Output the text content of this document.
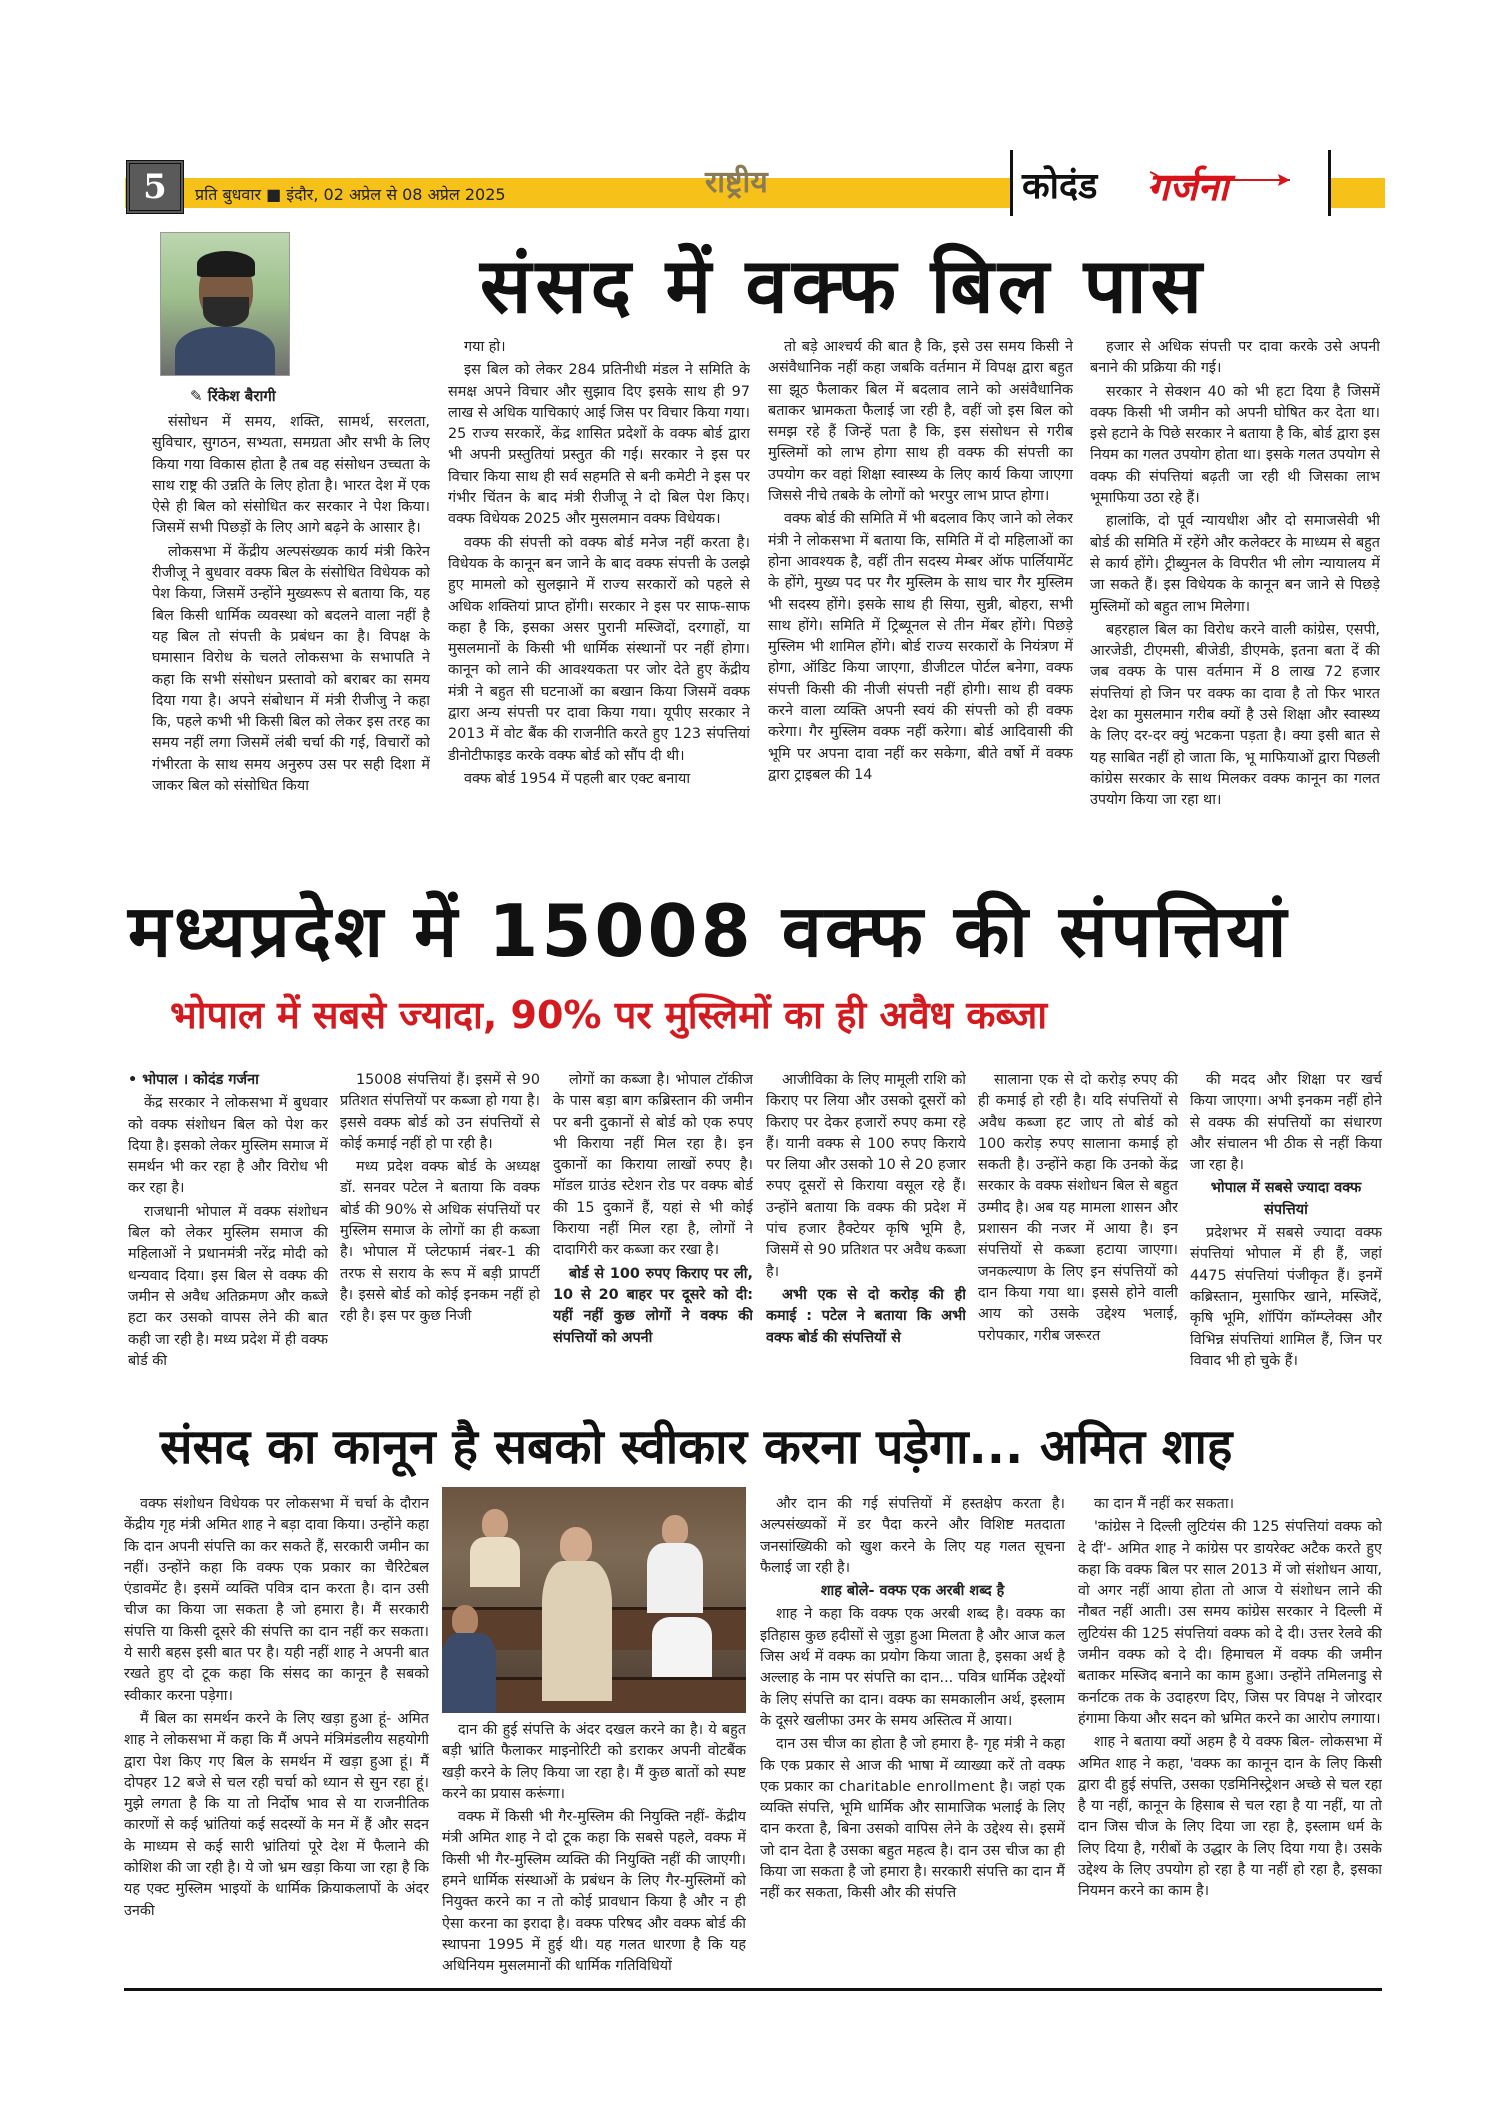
5	प्रति बुधवार ■ इंदौर, 02 अप्रेल से 08 अप्रेल 2025	राष्ट्रीय	कोदंड गर्जना
संसद में वक्फ बिल पास
✎ रिंकेश बैरागी

संसोधन में समय, शक्ति, सामर्थ, सरलता, सुविचार, सुगठन, सभ्यता, समग्रता और सभी के लिए किया गया विकास होता है तब वह संसोधन उच्चता के साथ राष्ट्र की उन्नति के लिए होता है। भारत देश में एक ऐसे ही बिल को संसोधित कर सरकार ने पेश किया। जिसमें सभी पिछड़ों के लिए आगे बढ़ने के आसार है।

लोकसभा में केंद्रीय अल्पसंख्यक कार्य मंत्री किरेन रीजीजू ने बुधवार वक्फ बिल के संसोधित विधेयक को पेश किया, जिसमें उन्होंने मुख्यरूप से बताया कि, यह बिल किसी धार्मिक व्यवस्था को बदलने वाला नहीं है यह बिल तो संपत्ती के प्रबंधन का है। विपक्ष के घमासान विरोध के चलते लोकसभा के सभापति ने कहा कि सभी संसोधन प्रस्तावो को बराबर का समय दिया गया है। अपने संबोधान में मंत्री रीजीजु ने कहा कि, पहले कभी भी किसी बिल को लेकर इस तरह का समय नहीं लगा जिसमें लंबी चर्चा की गई, विचारों को गंभीरता के साथ समय अनुरुप उस पर सही दिशा में जाकर बिल को संसोधित किया

गया हो।

इस बिल को लेकर 284 प्रतिनीधी मंडल ने समिति के समक्ष अपने विचार और सुझाव दिए इसके साथ ही 97 लाख से अधिक याचिकाएं आई जिस पर विचार किया गया। 25 राज्य सरकारें, केंद्र शासित प्रदेशों के वक्फ बोर्ड द्वारा भी अपनी प्रस्तुतियां प्रस्तुत की गई। सरकार ने इस पर विचार किया साथ ही सर्व सहमति से बनी कमेटी ने इस पर गंभीर चिंतन के बाद मंत्री रीजीजू ने दो बिल पेश किए। वक्फ विधेयक 2025 और मुसलमान वक्फ विधेयक।

वक्फ की संपत्ती को वक्फ बोर्ड मनेज नहीं करता है। विधेयक के कानून बन जाने के बाद वक्फ संपत्ती के उलझे हुए मामलो को सुलझाने में राज्य सरकारों को पहले से अधिक शक्तियां प्राप्त होंगी। सरकार ने इस पर साफ-साफ कहा है कि, इसका असर पुरानी मस्जिदों, दरगाहों, या मुसलमानों के किसी भी धार्मिक संस्थानों पर नहीं होगा। कानून को लाने की आवश्यकता पर जोर देते हुए केंद्रीय मंत्री ने बहुत सी घटनाओं का बखान किया जिसमें वक्फ द्वारा अन्य संपत्ती पर दावा किया गया। यूपीए सरकार ने 2013 में वोट बैंक की राजनीति करते हुए 123 संपत्तियां डीनोटीफाइड करके वक्फ बोर्ड को सौंप दी थी।

वक्फ बोर्ड 1954 में पहली बार एक्ट बनाया

तो बड़े आश्चर्य की बात है कि, इसे उस समय किसी ने असंवैधानिक नहीं कहा जबकि वर्तमान में विपक्ष द्वारा बहुत सा झूठ फैलाकर बिल में बदलाव लाने को असंवैधानिक बताकर भ्रामकता फैलाई जा रही है, वहीं जो इस बिल को समझ रहे हैं जिन्हें पता है कि, इस संसोधन से गरीब मुस्लिमों को लाभ होगा साथ ही वक्फ की संपत्ती का उपयोग कर वहां शिक्षा स्वास्थ्य के लिए कार्य किया जाएगा जिससे नीचे तबके के लोगों को भरपुर लाभ प्राप्त होगा।

वक्फ बोर्ड की समिति में भी बदलाव किए जाने को लेकर मंत्री ने लोकसभा में बताया कि, समिति में दो महिलाओं का होना आवश्यक है, वहीं तीन सदस्य मेम्बर ऑफ पार्लियामेंट के होंगे, मुख्य पद पर गैर मुस्लिम के साथ चार गैर मुस्लिम भी सदस्य होंगे। इसके साथ ही सिया, सुन्नी, बोहरा, सभी साथ होंगे। समिति में ट्रिब्यूनल से तीन मेंबर होंगे। पिछड़े मुस्लिम भी शामिल होंगे। बोर्ड राज्य सरकारों के नियंत्रण में होगा, ऑडिट किया जाएगा, डीजीटल पोर्टल बनेगा, वक्फ संपत्ती किसी की नीजी संपत्ती नहीं होगी। साथ ही वक्फ करने वाला व्यक्ति अपनी स्वयं की संपत्ती को ही वक्फ करेगा। गैर मुस्लिम वक्फ नहीं करेगा। बोर्ड आदिवासी की भूमि पर अपना दावा नहीं कर सकेगा, बीते वर्षो में वक्फ द्वारा ट्राइबल की 14

हजार से अधिक संपत्ती पर दावा करके उसे अपनी बनाने की प्रक्रिया की गई।

सरकार ने सेक्शन 40 को भी हटा दिया है जिसमें वक्फ किसी भी जमीन को अपनी घोषित कर देता था। इसे हटाने के पिछे सरकार ने बताया है कि, बोर्ड द्वारा इस नियम का गलत उपयोग होता था। इसके गलत उपयोग से वक्फ की संपत्तियां बढ़ती जा रही थी जिसका लाभ भूमाफिया उठा रहे हैं।

हालांकि, दो पूर्व न्यायधीश और दो समाजसेवी भी बोर्ड की समिति में रहेंगे और कलेक्टर के माध्यम से बहुत से कार्य होंगे। ट्रीब्युनल के विपरीत भी लोग न्यायालय में जा सकते हैं। इस विधेयक के कानून बन जाने से पिछड़े मुस्लिमों को बहुत लाभ मिलेगा।

बहरहाल बिल का विरोध करने वाली कांग्रेस, एसपी, आरजेडी, टीएमसी, बीजेडी, डीएमके, इतना बता दें की जब वक्फ के पास वर्तमान में 8 लाख 72 हजार संपत्तियां हो जिन पर वक्फ का दावा है तो फिर भारत देश का मुसलमान गरीब क्यों है उसे शिक्षा और स्वास्थ्य के लिए दर-दर क्युं भटकना पड़ता है। क्या इसी बात से यह साबित नहीं हो जाता कि, भू माफियाओं द्वारा पिछली कांग्रेस सरकार के साथ मिलकर वक्फ कानून का गलत उपयोग किया जा रहा था।

मध्यप्रदेश में 15008 वक्फ की संपत्तियां
भोपाल में सबसे ज्यादा, 90% पर मुस्लिमों का ही अवैध कब्जा

• भोपाल । कोदंड गर्जना

केंद्र सरकार ने लोकसभा में बुधवार को वक्फ संशोधन बिल को पेश कर दिया है। इसको लेकर मुस्लिम समाज में समर्थन भी कर रहा है और विरोध भी कर रहा है।

राजधानी भोपाल में वक्फ संशोधन बिल को लेकर मुस्लिम समाज की महिलाओं ने प्रधानमंत्री नरेंद्र मोदी को धन्यवाद दिया। इस बिल से वक्फ की जमीन से अवैध अतिक्रमण और कब्जे हटा कर उसको वापस लेने की बात कही जा रही है। मध्य प्रदेश में ही वक्फ बोर्ड की

15008 संपत्तियां हैं। इसमें से 90 प्रतिशत संपत्तियों पर कब्जा हो गया है। इससे वक्फ बोर्ड को उन संपत्तियों से कोई कमाई नहीं हो पा रही है।

मध्य प्रदेश वक्फ बोर्ड के अध्यक्ष डॉ. सनवर पटेल ने बताया कि वक्फ बोर्ड की 90% से अधिक संपत्तियों पर मुस्लिम समाज के लोगों का ही कब्जा है। भोपाल में प्लेटफार्म नंबर-1 की तरफ से सराय के रूप में बड़ी प्रापर्टी है। इससे बोर्ड को कोई इनकम नहीं हो रही है। इस पर कुछ निजी

लोगों का कब्जा है। भोपाल टॉकीज के पास बड़ा बाग कब्रिस्तान की जमीन पर बनी दुकानों से बोर्ड को एक रुपए भी किराया नहीं मिल रहा है। इन दुकानों का किराया लाखों रुपए है। मॉडल ग्राउंड स्टेशन रोड पर वक्फ बोर्ड की 15 दुकानें हैं, यहां से भी कोई किराया नहीं मिल रहा है, लोगों ने दादागिरी कर कब्जा कर रखा है।

बोर्ड से 100 रुपए किराए पर ली, 10 से 20 बाहर पर दूसरे को दी: यहीं नहीं कुछ लोगों ने वक्फ की संपत्तियों को अपनी

आजीविका के लिए मामूली राशि को किराए पर लिया और उसको दूसरों को किराए पर देकर हजारों रुपए कमा रहे हैं। यानी वक्फ से 100 रुपए किराये पर लिया और उसको 10 से 20 हजार रुपए दूसरों से किराया वसूल रहे हैं। उन्होंने बताया कि वक्फ की प्रदेश में पांच हजार हैक्टेयर कृषि भूमि है, जिसमें से 90 प्रतिशत पर अवैध कब्जा है।

अभी एक से दो करोड़ की ही कमाई : पटेल ने बताया कि अभी वक्फ बोर्ड की संपत्तियों से

सालाना एक से दो करोड़ रुपए की ही कमाई हो रही है। यदि संपत्तियों से अवैध कब्जा हट जाए तो बोर्ड को 100 करोड़ रुपए सालाना कमाई हो सकती है। उन्होंने कहा कि उनको केंद्र सरकार के वक्फ संशोधन बिल से बहुत उम्मीद है। अब यह मामला शासन और प्रशासन की नजर में आया है। इन संपत्तियों से कब्जा हटाया जाएगा। जनकल्याण के लिए इन संपत्तियों को दान किया गया था। इससे होने वाली आय को उसके उद्देश्य भलाई, परोपकार, गरीब जरूरत

की मदद और शिक्षा पर खर्च किया जाएगा। अभी इनकम नहीं होने से वक्फ की संपत्तियों का संधारण और संचालन भी ठीक से नहीं किया जा रहा है।

भोपाल में सबसे ज्यादा वक्फ संपत्तियां

प्रदेशभर में सबसे ज्यादा वक्फ संपत्तियां भोपाल में ही हैं, जहां 4475 संपत्तियां पंजीकृत हैं। इनमें कब्रिस्तान, मुसाफिर खाने, मस्जिदें, कृषि भूमि, शॉपिंग कॉम्प्लेक्स और विभिन्न संपत्तियां शामिल हैं, जिन पर विवाद भी हो चुके हैं।

संसद का कानून है सबको स्वीकार करना पड़ेगा... अमित शाह

वक्फ संशोधन विधेयक पर लोकसभा में चर्चा के दौरान केंद्रीय गृह मंत्री अमित शाह ने बड़ा दावा किया। उन्होंने कहा कि दान अपनी संपत्ति का कर सकते हैं, सरकारी जमीन का नहीं। उन्होंने कहा कि वक्फ एक प्रकार का चैरिटेबल एंडावमेंट है। इसमें व्यक्ति पवित्र दान करता है। दान उसी चीज का किया जा सकता है जो हमारा है। मैं सरकारी संपत्ति या किसी दूसरे की संपत्ति का दान नहीं कर सकता। ये सारी बहस इसी बात पर है। यही नहीं शाह ने अपनी बात रखते हुए दो टूक कहा कि संसद का कानून है सबको स्वीकार करना पड़ेगा।

मैं बिल का समर्थन करने के लिए खड़ा हुआ हूं- अमित शाह ने लोकसभा में कहा कि मैं अपने मंत्रिमंडलीय सहयोगी द्वारा पेश किए गए बिल के समर्थन में खड़ा हुआ हूं। मैं दोपहर 12 बजे से चल रही चर्चा को ध्यान से सुन रहा हूं। मुझे लगता है कि या तो निर्दोष भाव से या राजनीतिक कारणों से कई भ्रांतियां कई सदस्यों के मन में हैं और सदन के माध्यम से कई सारी भ्रांतियां पूरे देश में फैलाने की कोशिश की जा रही है। ये जो भ्रम खड़ा किया जा रहा है कि यह एक्ट मुस्लिम भाइयों के धार्मिक क्रियाकलापों के अंदर उनकी

दान की हुई संपत्ति के अंदर दखल करने का है। ये बहुत बड़ी भ्रांति फैलाकर माइनोरिटी को डराकर अपनी वोटबैंक खड़ी करने के लिए किया जा रहा है। मैं कुछ बातों को स्पष्ट करने का प्रयास करूंगा।

वक्फ में किसी भी गैर-मुस्लिम की नियुक्ति नहीं- केंद्रीय मंत्री अमित शाह ने दो टूक कहा कि सबसे पहले, वक्फ में किसी भी गैर-मुस्लिम व्यक्ति की नियुक्ति नहीं की जाएगी। हमने धार्मिक संस्थाओं के प्रबंधन के लिए गैर-मुस्लिमों को नियुक्त करने का न तो कोई प्रावधान किया है और न ही ऐसा करना का इरादा है। वक्फ परिषद और वक्फ बोर्ड की स्थापना 1995 में हुई थी। यह गलत धारणा है कि यह अधिनियम मुसलमानों की धार्मिक गतिविधियों

और दान की गई संपत्तियों में हस्तक्षेप करता है। अल्पसंख्यकों में डर पैदा करने और विशिष्ट मतदाता जनसांख्यिकी को खुश करने के लिए यह गलत सूचना फैलाई जा रही है।

शाह बोले- वक्फ एक अरबी शब्द है

शाह ने कहा कि वक्फ एक अरबी शब्द है। वक्फ का इतिहास कुछ हदीसों से जुड़ा हुआ मिलता है और आज कल जिस अर्थ में वक्फ का प्रयोग किया जाता है, इसका अर्थ है अल्लाह के नाम पर संपत्ति का दान... पवित्र धार्मिक उद्देश्यों के लिए संपत्ति का दान। वक्फ का समकालीन अर्थ, इस्लाम के दूसरे खलीफा उमर के समय अस्तित्व में आया।

दान उस चीज का होता है जो हमारा है- गृह मंत्री ने कहा कि एक प्रकार से आज की भाषा में व्याख्या करें तो वक्फ एक प्रकार का charitable enrollment है। जहां एक व्यक्ति संपत्ति, भूमि धार्मिक और सामाजिक भलाई के लिए दान करता है, बिना उसको वापिस लेने के उद्देश्य से। इसमें जो दान देता है उसका बहुत महत्व है। दान उस चीज का ही किया जा सकता है जो हमारा है। सरकारी संपत्ति का दान मैं नहीं कर सकता, किसी और की संपत्ति

का दान मैं नहीं कर सकता।

'कांग्रेस ने दिल्ली लुटियंस की 125 संपत्तियां वक्फ को दे दीं'- अमित शाह ने कांग्रेस पर डायरेक्ट अटैक करते हुए कहा कि वक्फ बिल पर साल 2013 में जो संशोधन आया, वो अगर नहीं आया होता तो आज ये संशोधन लाने की नौबत नहीं आती। उस समय कांग्रेस सरकार ने दिल्ली में लुटियंस की 125 संपत्तियां वक्फ को दे दी। उत्तर रेलवे की जमीन वक्फ को दे दी। हिमाचल में वक्फ की जमीन बताकर मस्जिद बनाने का काम हुआ। उन्होंने तमिलनाडु से कर्नाटक तक के उदाहरण दिए, जिस पर विपक्ष ने जोरदार हंगामा किया और सदन को भ्रमित करने का आरोप लगाया।

शाह ने बताया क्यों अहम है ये वक्फ बिल- लोकसभा में अमित शाह ने कहा, 'वक्फ का कानून दान के लिए किसी द्वारा दी हुई संपत्ति, उसका एडमिनिस्ट्रेशन अच्छे से चल रहा है या नहीं, कानून के हिसाब से चल रहा है या नहीं, या तो दान जिस चीज के लिए दिया जा रहा है, इस्लाम धर्म के लिए दिया है, गरीबों के उद्धार के लिए दिया गया है। उसके उद्देश्य के लिए उपयोग हो रहा है या नहीं हो रहा है, इसका नियमन करने का काम है।
